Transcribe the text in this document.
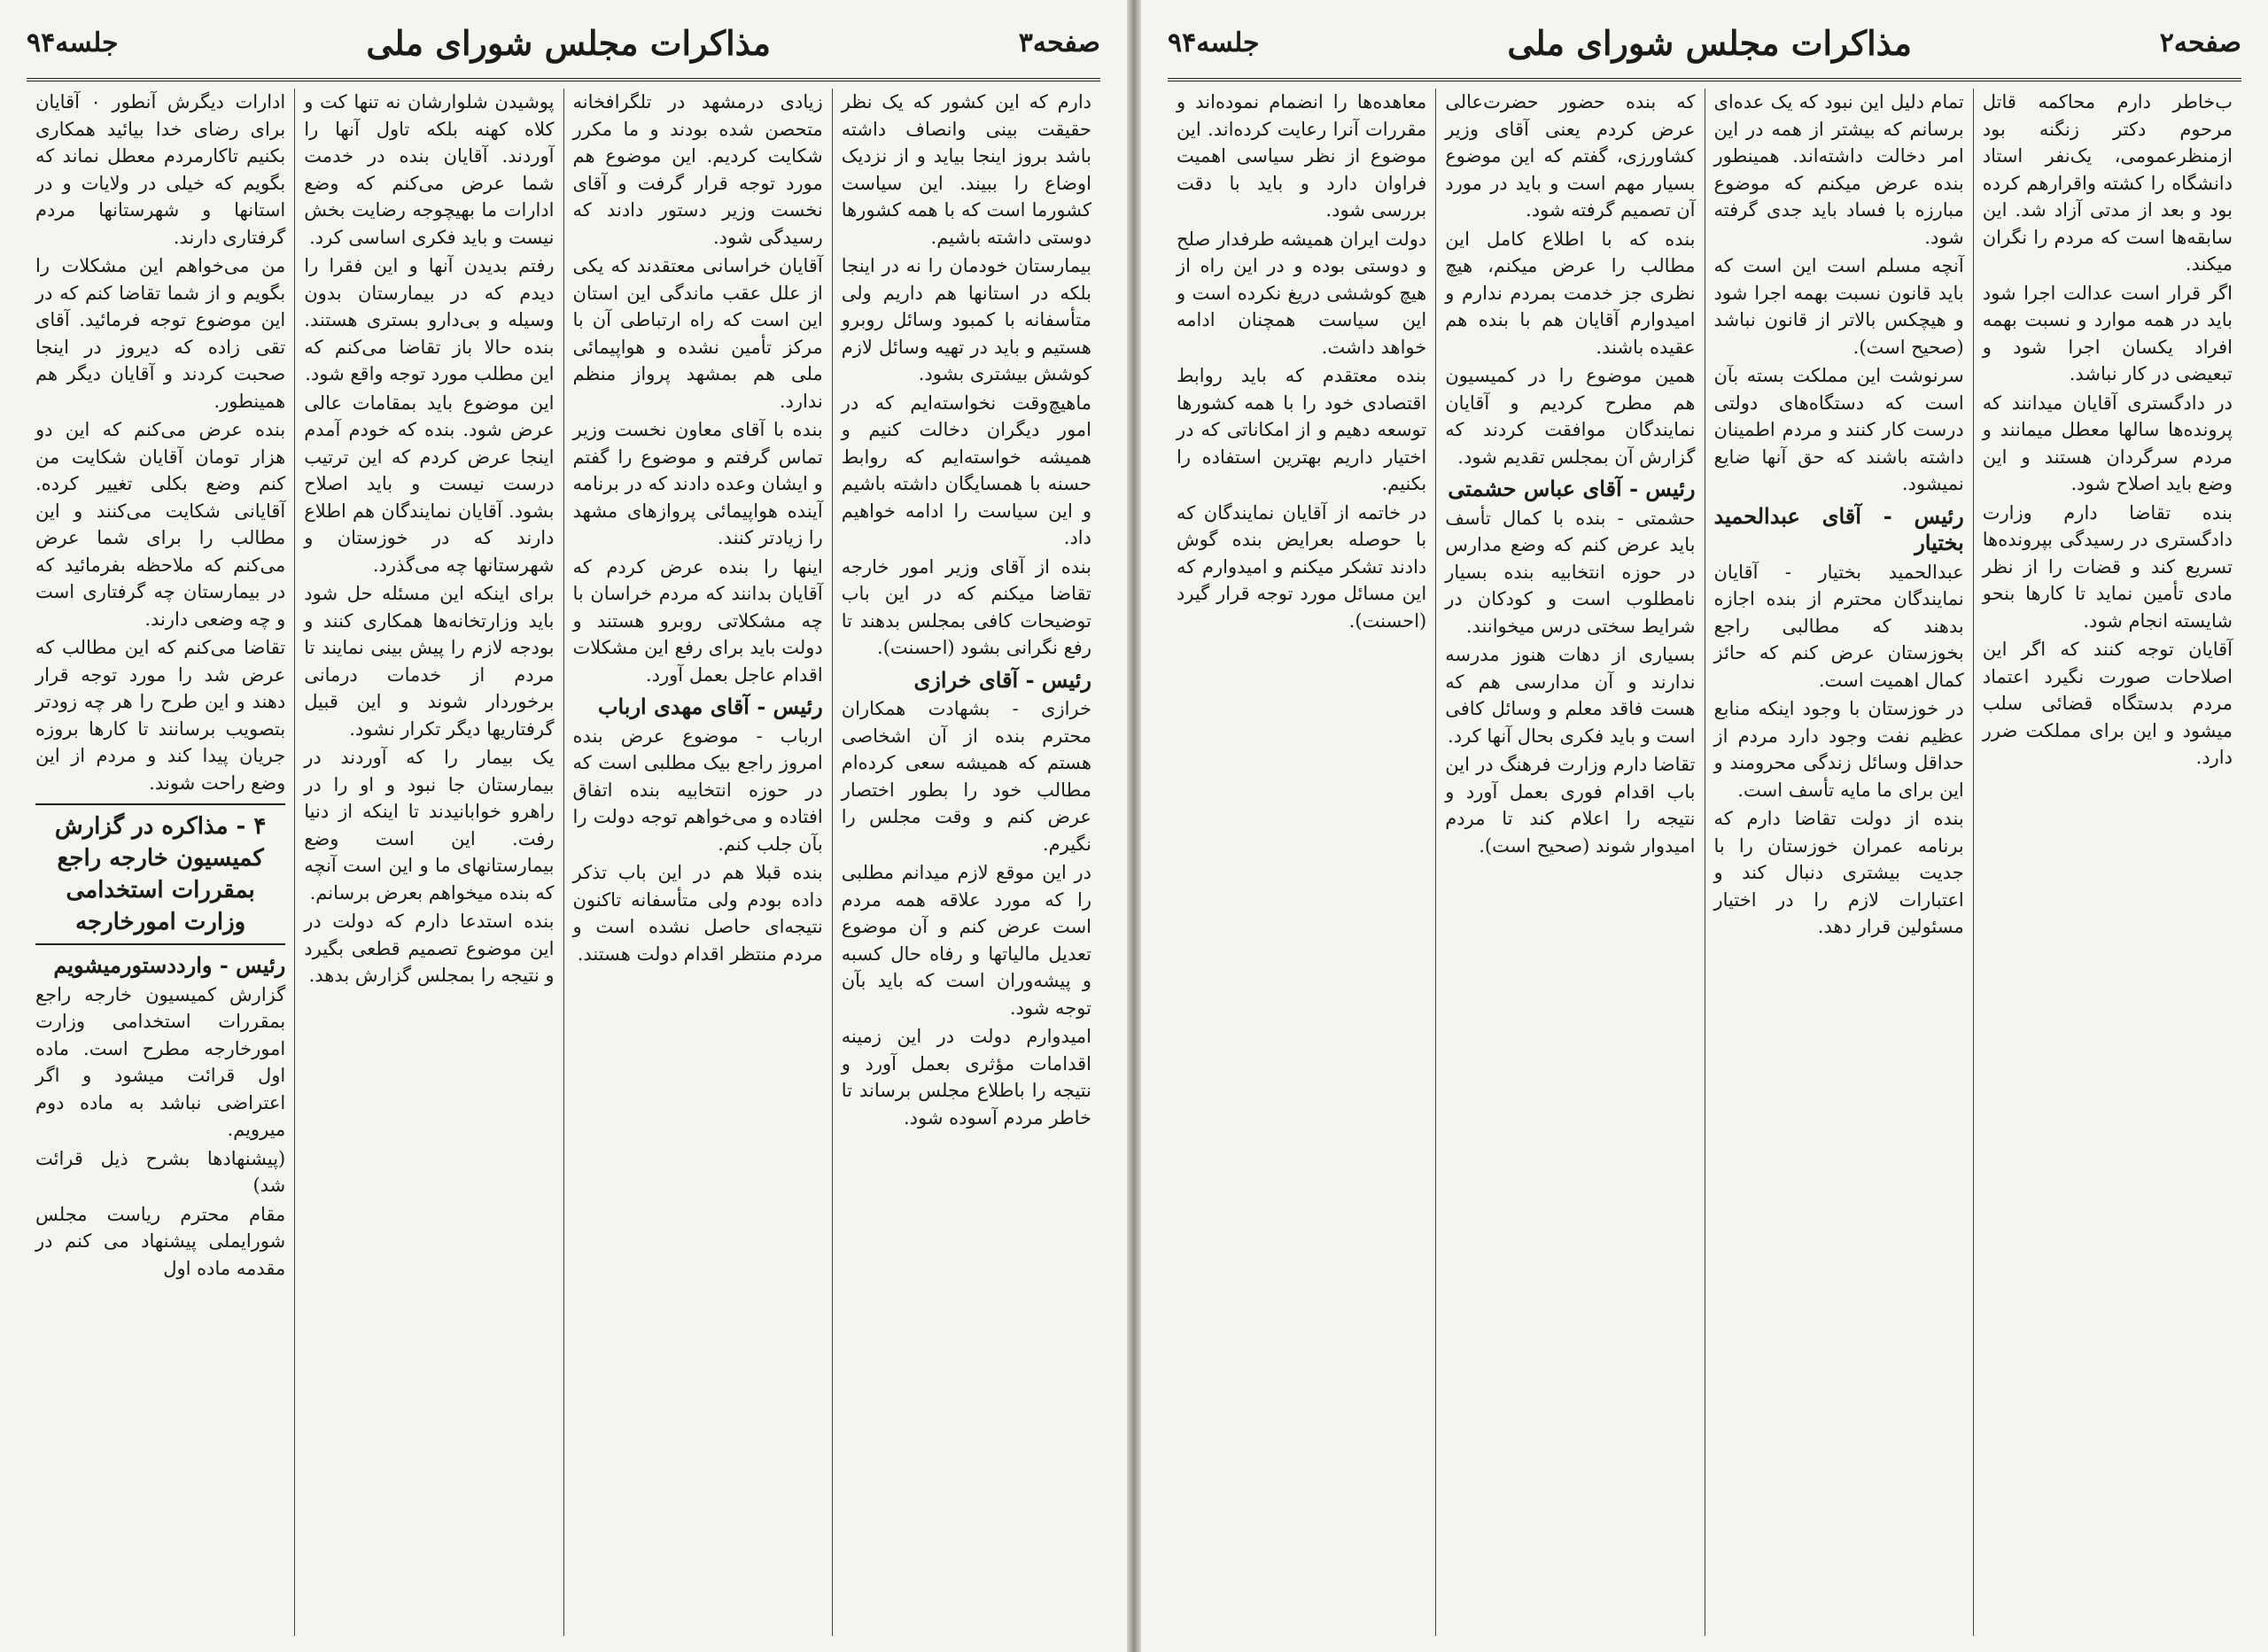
صفحه۳
مذاکرات مجلس شورای ملی
جلسه۹۴

دارم که این کشور که یک نظر حقیقت بینی وانصاف داشته باشد بروز اینجا بیاید و از نزدیک اوضاع را ببیند. این سیاست کشورما است که با همه کشورها دوستی داشته باشیم.

بیمارستان خودمان را نه در اینجا بلکه در استانها هم داریم ولی متأسفانه با کمبود وسائل روبرو هستیم و باید در تهیه وسائل لازم کوشش بیشتری بشود.

ماهیچ‌وقت نخواسته‌ایم که در امور دیگران دخالت کنیم و همیشه خواسته‌ایم که روابط حسنه با همسایگان داشته باشیم و این سیاست را ادامه خواهیم داد.

بنده از آقای وزیر امور خارجه تقاضا میکنم که در این باب توضیحات کافی بمجلس بدهند تا رفع نگرانی بشود (احسنت).

رئیس - آقای خرازی

خرازی - بشهادت همکاران محترم بنده از آن اشخاصی هستم که همیشه سعی کرده‌ام مطالب خود را بطور اختصار عرض کنم و وقت مجلس را نگیرم.

در این موقع لازم میدانم مطلبی را که مورد علاقه همه مردم است عرض کنم و آن موضوع تعدیل مالیاتها و رفاه حال کسبه و پیشه‌وران است که باید بآن توجه شود.

امیدوارم دولت در این زمینه اقدامات مؤثری بعمل آورد و نتیجه را باطلاع مجلس برساند تا خاطر مردم آسوده شود.

زیادی درمشهد در تلگرافخانه متحصن شده بودند و ما مکرر شکایت کردیم. این موضوع هم مورد توجه قرار گرفت و آقای نخست وزیر دستور دادند که رسیدگی شود.

آقایان خراسانی معتقدند که یکی از علل عقب ماندگی این استان این است که راه ارتباطی آن با مرکز تأمین نشده و هواپیمائی ملی هم بمشهد پرواز منظم ندارد.

بنده با آقای معاون نخست وزیر تماس گرفتم و موضوع را گفتم و ایشان وعده دادند که در برنامه آینده هواپیمائی پروازهای مشهد را زیادتر کنند.

اینها را بنده عرض کردم که آقایان بدانند که مردم خراسان با چه مشکلاتی روبرو هستند و دولت باید برای رفع این مشکلات اقدام عاجل بعمل آورد.

رئیس - آقای مهدی ارباب

ارباب - موضوع عرض بنده امروز راجع بیک مطلبی است که در حوزه انتخابیه بنده اتفاق افتاده و می‌خواهم توجه دولت را بآن جلب کنم.

بنده قبلا هم در این باب تذکر داده بودم ولی متأسفانه تاکنون نتیجه‌ای حاصل نشده است و مردم منتظر اقدام دولت هستند.

پوشیدن شلوارشان نه تنها کت و کلاه کهنه بلکه تاول آنها را آوردند. آقایان بنده در خدمت شما عرض می‌کنم که وضع ادارات ما بهیچوجه رضایت بخش نیست و باید فکری اساسی کرد.

رفتم بدیدن آنها و این فقرا را دیدم که در بیمارستان بدون وسیله و بی‌دارو بستری هستند. بنده حالا باز تقاضا می‌کنم که این مطلب مورد توجه واقع شود.

این موضوع باید بمقامات عالی عرض شود. بنده که خودم آمدم اینجا عرض کردم که این ترتیب درست نیست و باید اصلاح بشود. آقایان نمایندگان هم اطلاع دارند که در خوزستان و شهرستانها چه می‌گذرد.

برای اینکه این مسئله حل شود باید وزارتخانه‌ها همکاری کنند و بودجه لازم را پیش بینی نمایند تا مردم از خدمات درمانی برخوردار شوند و این قبیل گرفتاریها دیگر تکرار نشود.

یک بیمار را که آوردند در بیمارستان جا نبود و او را در راهرو خوابانیدند تا اینکه از دنیا رفت. این است وضع بیمارستانهای ما و این است آنچه که بنده میخواهم بعرض برسانم.

بنده استدعا دارم که دولت در این موضوع تصمیم قطعی بگیرد و نتیجه را بمجلس گزارش بدهد.

ادارات دیگرش آنطور ۰ آقایان برای رضای خدا بیائید همکاری بکنیم تاکارمردم معطل نماند که بگویم که خیلی در ولایات و در استانها و شهرستانها مردم گرفتاری دارند.

من می‌خواهم این مشکلات را بگویم و از شما تقاضا کنم که در این موضوع توجه فرمائید. آقای تقی زاده که دیروز در اینجا صحبت کردند و آقایان دیگر هم همینطور.

بنده عرض می‌کنم که این دو هزار تومان آقایان شکایت من کنم وضع بکلی تغییر کرده. آقایانی شکایت می‌کنند و این مطالب را برای شما عرض می‌کنم که ملاحظه بفرمائید که در بیمارستان چه گرفتاری است و چه وضعی دارند.

تقاضا می‌کنم که این مطالب که عرض شد را مورد توجه قرار دهند و این طرح را هر چه زودتر بتصویب برسانند تا کارها بروزه جریان پیدا کند و مردم از این وضع راحت شوند.

۴ - مذاکره در گزارش کمیسیون خارجه راجع بمقررات استخدامی وزارت امورخارجه
رئیس - وارددستورمیشویم

گزارش کمیسیون خارجه راجع بمقررات استخدامی وزارت امورخارجه مطرح است. ماده اول قرائت میشود و اگر اعتراضی نباشد به ماده دوم میرویم.

(پیشنهادها بشرح ذیل قرائت شد)

مقام محترم ریاست مجلس شورایملی پیشنهاد می کنم در مقدمه ماده اول

صفحه۲
مذاکرات مجلس شورای ملی
جلسه۹۴

ب‌خاطر دارم محاکمه قاتل مرحوم دکتر زنگنه بود ازمنظرعمومی، یک‌نفر استاد دانشگاه را کشته واقرارهم کرده بود و بعد از مدتی آزاد شد. این سابقه‌ها است که مردم را نگران میکند.

اگر قرار است عدالت اجرا شود باید در همه موارد و نسبت بهمه افراد یکسان اجرا شود و تبعیضی در کار نباشد.

در دادگستری آقایان میدانند که پرونده‌ها سالها معطل میمانند و مردم سرگردان هستند و این وضع باید اصلاح شود.

بنده تقاضا دارم وزارت دادگستری در رسیدگی بپرونده‌ها تسریع کند و قضات را از نظر مادی تأمین نماید تا کارها بنحو شایسته انجام شود.

آقایان توجه کنند که اگر این اصلاحات صورت نگیرد اعتماد مردم بدستگاه قضائی سلب میشود و این برای مملکت ضرر دارد.

تمام دلیل این نبود که یک عده‌ای برسانم که بیشتر از همه در این امر دخالت داشته‌اند. همینطور بنده عرض میکنم که موضوع مبارزه با فساد باید جدی گرفته شود.

آنچه مسلم است این است که باید قانون نسبت بهمه اجرا شود و هیچکس بالاتر از قانون نباشد (صحیح است).

سرنوشت این مملکت بسته بآن است که دستگاه‌های دولتی درست کار کنند و مردم اطمینان داشته باشند که حق آنها ضایع نمیشود.

رئیس - آقای عبدالحمید بختیار

عبدالحمید بختیار - آقایان نمایندگان محترم از بنده اجازه بدهند که مطالبی راجع بخوزستان عرض کنم که حائز کمال اهمیت است.

در خوزستان با وجود اینکه منابع عظیم نفت وجود دارد مردم از حداقل وسائل زندگی محرومند و این برای ما مایه تأسف است.

بنده از دولت تقاضا دارم که برنامه عمران خوزستان را با جدیت بیشتری دنبال کند و اعتبارات لازم را در اختیار مسئولین قرار دهد.

که بنده حضور حضرت‌عالی عرض کردم یعنی آقای وزیر کشاورزی، گفتم که این موضوع بسیار مهم است و باید در مورد آن تصمیم گرفته شود.

بنده که با اطلاع کامل این مطالب را عرض میکنم، هیچ نظری جز خدمت بمردم ندارم و امیدوارم آقایان هم با بنده هم عقیده باشند.

همین موضوع را در کمیسیون هم مطرح کردیم و آقایان نمایندگان موافقت کردند که گزارش آن بمجلس تقدیم شود.

رئیس - آقای عباس حشمتی

حشمتی - بنده با کمال تأسف باید عرض کنم که وضع مدارس در حوزه انتخابیه بنده بسیار نامطلوب است و کودکان در شرایط سختی درس میخوانند.

بسیاری از دهات هنوز مدرسه ندارند و آن مدارسی هم که هست فاقد معلم و وسائل کافی است و باید فکری بحال آنها کرد.

تقاضا دارم وزارت فرهنگ در این باب اقدام فوری بعمل آورد و نتیجه را اعلام کند تا مردم امیدوار شوند (صحیح است).

معاهده‌ها را انضمام نموده‌اند و مقررات آنرا رعایت کرده‌اند. این موضوع از نظر سیاسی اهمیت فراوان دارد و باید با دقت بررسی شود.

دولت ایران همیشه طرفدار صلح و دوستی بوده و در این راه از هیچ کوششی دریغ نکرده است و این سیاست همچنان ادامه خواهد داشت.

بنده معتقدم که باید روابط اقتصادی خود را با همه کشورها توسعه دهیم و از امکاناتی که در اختیار داریم بهترین استفاده را بکنیم.

در خاتمه از آقایان نمایندگان که با حوصله بعرایض بنده گوش دادند تشکر میکنم و امیدوارم که این مسائل مورد توجه قرار گیرد (احسنت).
